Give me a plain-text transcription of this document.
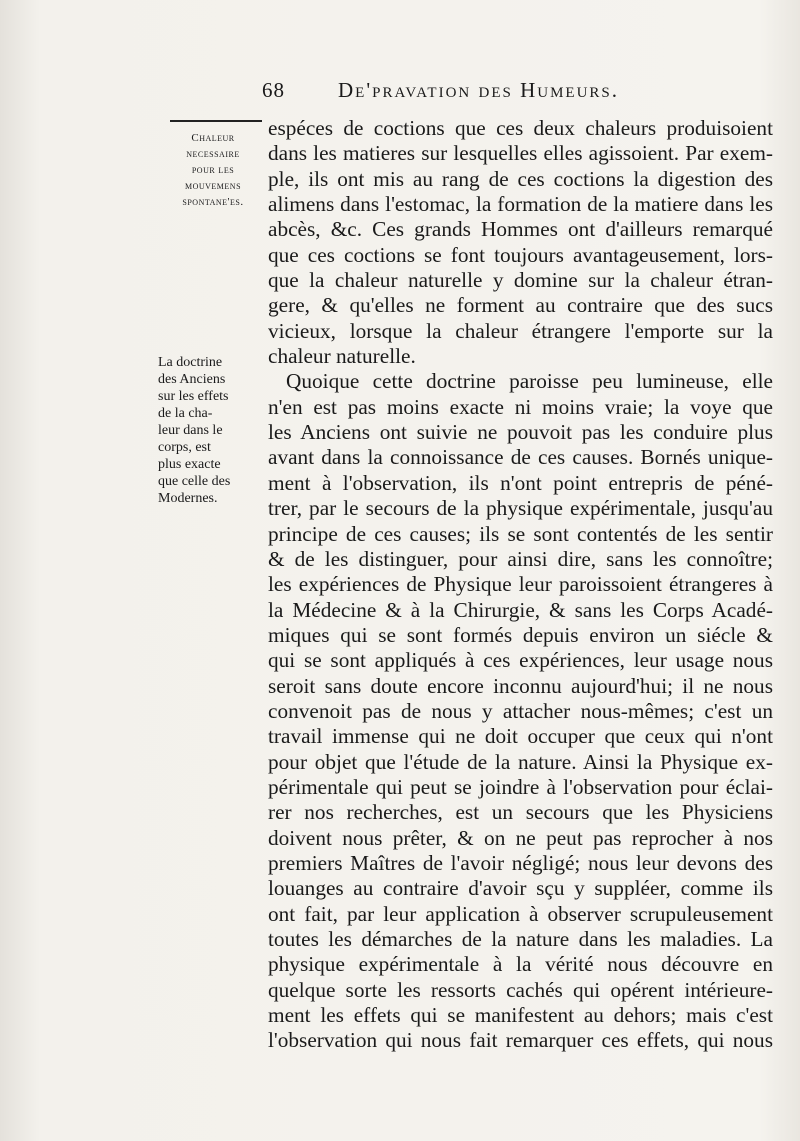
68	De'pravation des Humeurs.
Chaleur
necessaire
pour les
mouvemens
spontane'es.
La doctrine
des Anciens
sur les effets
de la cha-
leur dans le
corps, est
plus exacte
que celle des
Modernes.
espéces de coctions que ces deux chaleurs produisoient
dans les matieres sur lesquelles elles agissoient. Par exem-
ple, ils ont mis au rang de ces coctions la digestion des
alimens dans l'estomac, la formation de la matiere dans les
abcès, &c. Ces grands Hommes ont d'ailleurs remarqué
que ces coctions se font toujours avantageusement, lors-
que la chaleur naturelle y domine sur la chaleur étran-
gere, & qu'elles ne forment au contraire que des sucs
vicieux, lorsque la chaleur étrangere l'emporte sur la
chaleur naturelle.
Quoique cette doctrine paroisse peu lumineuse, elle
n'en est pas moins exacte ni moins vraie; la voye que
les Anciens ont suivie ne pouvoit pas les conduire plus
avant dans la connoissance de ces causes. Bornés unique-
ment à l'observation, ils n'ont point entrepris de péné-
trer, par le secours de la physique expérimentale, jusqu'au
principe de ces causes; ils se sont contentés de les sentir
& de les distinguer, pour ainsi dire, sans les connoître;
les expériences de Physique leur paroissoient étrangeres à
la Médecine & à la Chirurgie, & sans les Corps Acadé-
miques qui se sont formés depuis environ un siécle &
qui se sont appliqués à ces expériences, leur usage nous
seroit sans doute encore inconnu aujourd'hui; il ne nous
convenoit pas de nous y attacher nous-mêmes; c'est un
travail immense qui ne doit occuper que ceux qui n'ont
pour objet que l'étude de la nature. Ainsi la Physique ex-
périmentale qui peut se joindre à l'observation pour éclai-
rer nos recherches, est un secours que les Physiciens
doivent nous prêter, & on ne peut pas reprocher à nos
premiers Maîtres de l'avoir négligé; nous leur devons des
louanges au contraire d'avoir sçu y suppléer, comme ils
ont fait, par leur application à observer scrupuleusement
toutes les démarches de la nature dans les maladies. La
physique expérimentale à la vérité nous découvre en
quelque sorte les ressorts cachés qui opérent intérieure-
ment les effets qui se manifestent au dehors; mais c'est
l'observation qui nous fait remarquer ces effets, qui nous
